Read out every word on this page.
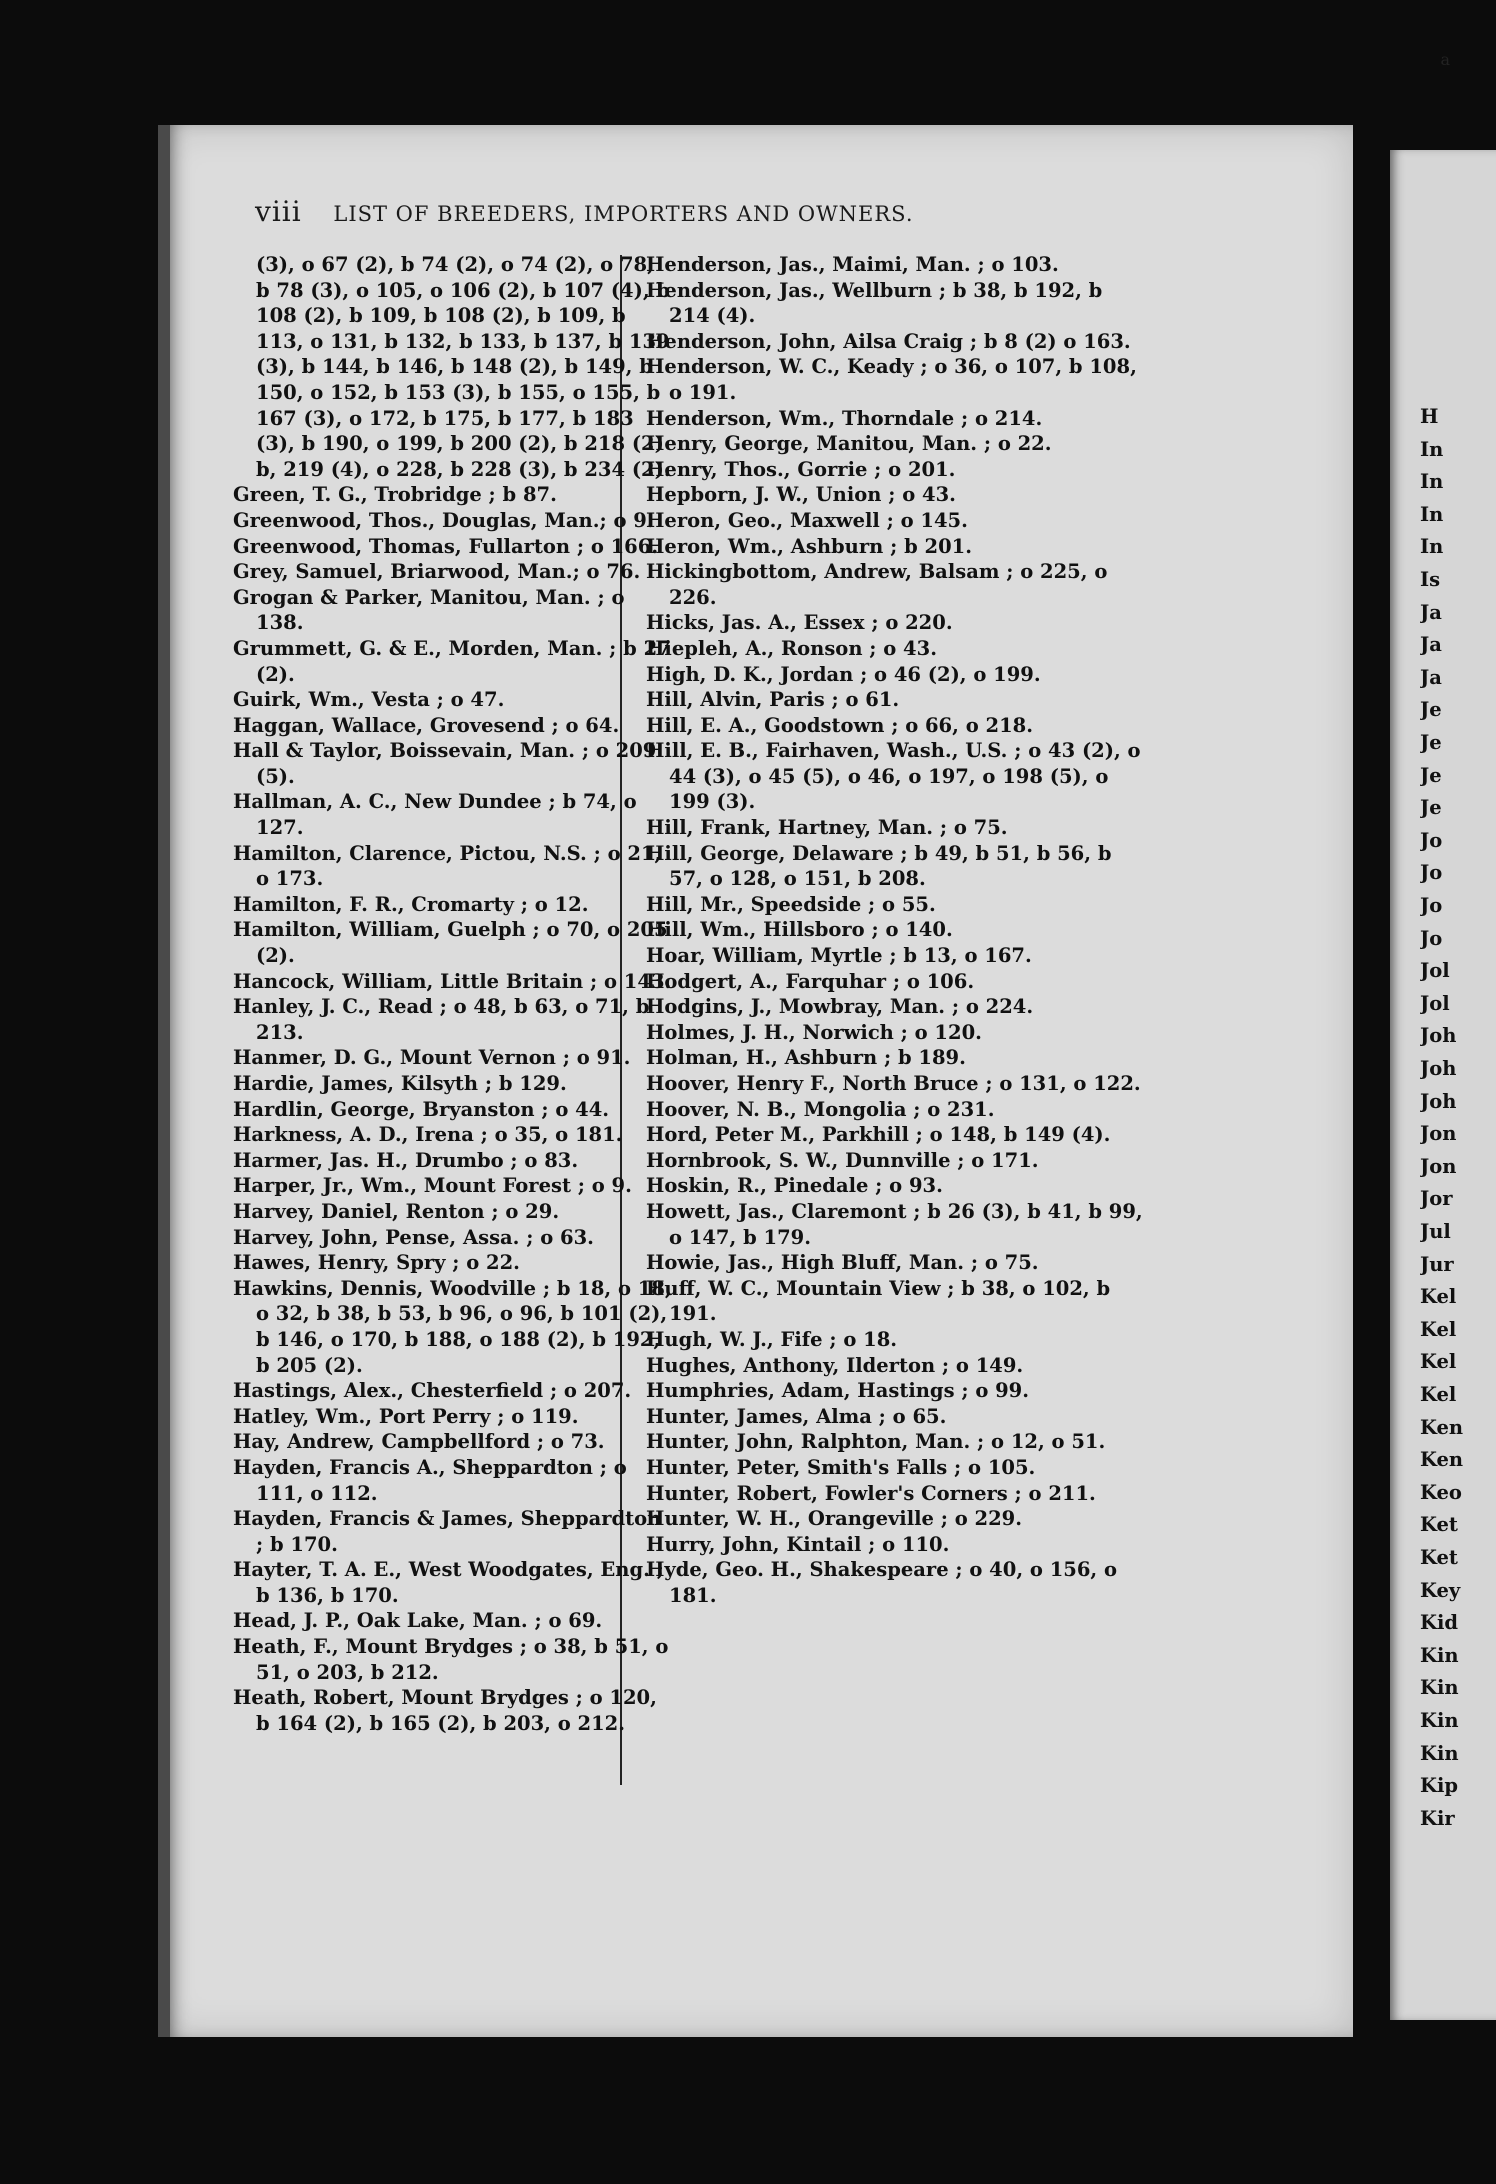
H
In
In
In
In
Is
Ja
Ja
Ja
Je
Je
Je
Je
Jo
Jo
Jo
Jo
Jol
Jol
Joh
Joh
Joh
Jon
Jon
Jor
Jul
Jur
Kel
Kel
Kel
Kel
Ken
Ken
Keo
Ket
Ket
Key
Kid
Kin
Kin
Kin
Kin
Kip
Kir
a
viii LIST OF BREEDERS, IMPORTERS AND OWNERS.

(3), o 67 (2), b 74 (2), o 74 (2), o 78, b 78 (3), o 105, o 106 (2), b 107 (4), b 108 (2), b 109, b 108 (2), b 109, b 113, o 131, b 132, b 133, b 137, b 139 (3), b 144, b 146, b 148 (2), b 149, b 150, o 152, b 153 (3), b 155, o 155, b 167 (3), o 172, b 175, b 177, b 183 (3), b 190, o 199, b 200 (2), b 218 (2) b, 219 (4), o 228, b 228 (3), b 234 (2).

Green, T. G., Trobridge ; b 87.

Greenwood, Thos., Douglas, Man.; o 9.

Greenwood, Thomas, Fullarton ; o 166.

Grey, Samuel, Briarwood, Man.; o 76.

Grogan & Parker, Manitou, Man. ; o 138.

Grummett, G. & E., Morden, Man. ; b 27 (2).

Guirk, Wm., Vesta ; o 47.

Haggan, Wallace, Grovesend ; o 64.

Hall & Taylor, Boissevain, Man. ; o 209 (5).

Hallman, A. C., New Dundee ; b 74, o 127.

Hamilton, Clarence, Pictou, N.S. ; o 21, o 173.

Hamilton, F. R., Cromarty ; o 12.

Hamilton, William, Guelph ; o 70, o 205 (2).

Hancock, William, Little Britain ; o 143.

Hanley, J. C., Read ; o 48, b 63, o 71, b 213.

Hanmer, D. G., Mount Vernon ; o 91.

Hardie, James, Kilsyth ; b 129.

Hardlin, George, Bryanston ; o 44.

Harkness, A. D., Irena ; o 35, o 181.

Harmer, Jas. H., Drumbo ; o 83.

Harper, Jr., Wm., Mount Forest ; o 9.

Harvey, Daniel, Renton ; o 29.

Harvey, John, Pense, Assa. ; o 63.

Hawes, Henry, Spry ; o 22.

Hawkins, Dennis, Woodville ; b 18, o 18, o 32, b 38, b 53, b 96, o 96, b 101 (2), b 146, o 170, b 188, o 188 (2), b 192, b 205 (2).

Hastings, Alex., Chesterfield ; o 207.

Hatley, Wm., Port Perry ; o 119.

Hay, Andrew, Campbellford ; o 73.

Hayden, Francis A., Sheppardton ; o 111, o 112.

Hayden, Francis & James, Sheppardton ; b 170.

Hayter, T. A. E., West Woodgates, Eng. ; b 136, b 170.

Head, J. P., Oak Lake, Man. ; o 69.

Heath, F., Mount Brydges ; o 38, b 51, o 51, o 203, b 212.

Heath, Robert, Mount Brydges ; o 120, b 164 (2), b 165 (2), b 203, o 212.

Henderson, Jas., Maimi, Man. ; o 103.

Henderson, Jas., Wellburn ; b 38, b 192, b 214 (4).

Henderson, John, Ailsa Craig ; b 8 (2) o 163.

Henderson, W. C., Keady ; o 36, o 107, b 108, o 191.

Henderson, Wm., Thorndale ; o 214.

Henry, George, Manitou, Man. ; o 22.

Henry, Thos., Gorrie ; o 201.

Hepborn, J. W., Union ; o 43.

Heron, Geo., Maxwell ; o 145.

Heron, Wm., Ashburn ; b 201.

Hickingbottom, Andrew, Balsam ; o 225, o 226.

Hicks, Jas. A., Essex ; o 220.

Hiepleh, A., Ronson ; o 43.

High, D. K., Jordan ; o 46 (2), o 199.

Hill, Alvin, Paris ; o 61.

Hill, E. A., Goodstown ; o 66, o 218.

Hill, E. B., Fairhaven, Wash., U.S. ; o 43 (2), o 44 (3), o 45 (5), o 46, o 197, o 198 (5), o 199 (3).

Hill, Frank, Hartney, Man. ; o 75.

Hill, George, Delaware ; b 49, b 51, b 56, b 57, o 128, o 151, b 208.

Hill, Mr., Speedside ; o 55.

Hill, Wm., Hillsboro ; o 140.

Hoar, William, Myrtle ; b 13, o 167.

Hodgert, A., Farquhar ; o 106.

Hodgins, J., Mowbray, Man. ; o 224.

Holmes, J. H., Norwich ; o 120.

Holman, H., Ashburn ; b 189.

Hoover, Henry F., North Bruce ; o 131, o 122.

Hoover, N. B., Mongolia ; o 231.

Hord, Peter M., Parkhill ; o 148, b 149 (4).

Hornbrook, S. W., Dunnville ; o 171.

Hoskin, R., Pinedale ; o 93.

Howett, Jas., Claremont ; b 26 (3), b 41, b 99, o 147, b 179.

Howie, Jas., High Bluff, Man. ; o 75.

Huff, W. C., Mountain View ; b 38, o 102, b 191.

Hugh, W. J., Fife ; o 18.

Hughes, Anthony, Ilderton ; o 149.

Humphries, Adam, Hastings ; o 99.

Hunter, James, Alma ; o 65.

Hunter, John, Ralphton, Man. ; o 12, o 51.

Hunter, Peter, Smith's Falls ; o 105.

Hunter, Robert, Fowler's Corners ; o 211.

Hunter, W. H., Orangeville ; o 229.

Hurry, John, Kintail ; o 110.

Hyde, Geo. H., Shakespeare ; o 40, o 156, o 181.
